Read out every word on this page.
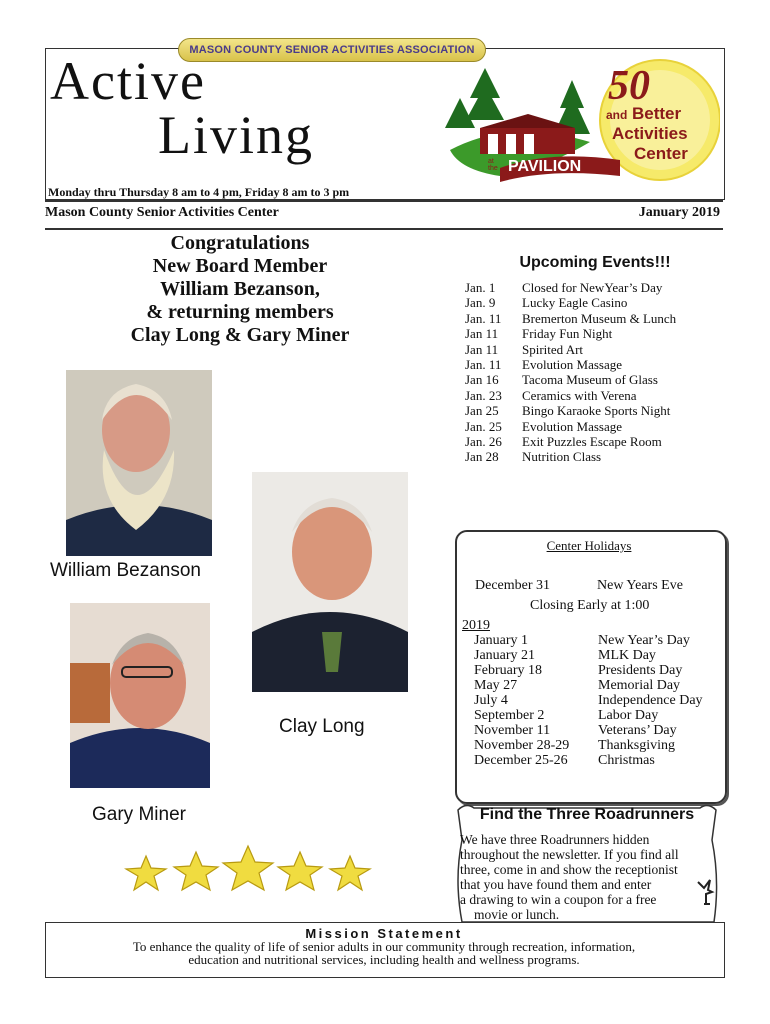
MASON COUNTY SENIOR ACTIVITIES ASSOCIATION
Active
Living
50
and Better
Activities
Center
at the PAVILION
Monday thru Thursday 8 am to 4 pm, Friday 8 am to 3 pm
Mason County Senior Activities Center	January 2019
Congratulations
New Board Member
William Bezanson,
& returning members
Clay Long & Gary Miner
William Bezanson
Clay Long
Gary Miner
Upcoming Events!!!
Jan. 1	Closed for NewYear’s Day
Jan. 9	Lucky Eagle Casino
Jan. 11	Bremerton Museum & Lunch
Jan 11	Friday Fun Night
Jan 11	Spirited Art
Jan. 11	Evolution Massage
Jan 16	Tacoma Museum of Glass
Jan. 23	Ceramics with Verena
Jan 25	Bingo Karaoke Sports Night
Jan. 25	Evolution Massage
Jan. 26	Exit Puzzles Escape Room
Jan 28	Nutrition Class
Center Holidays
December 31	New Years Eve
Closing Early at 1:00
2019
January 1	New Year’s Day
January 21	MLK Day
February 18	Presidents Day
May 27	Memorial Day
July 4	Independence Day
September 2	Labor Day
November 11	Veterans’ Day
November 28-29	Thanksgiving
December 25-26	Christmas
Find the Three Roadrunners
We have three Roadrunners hidden
throughout the newsletter. If you find all
three, come in and show the receptionist
that you have found them and enter
a drawing to win a coupon for a free
movie or lunch.
Mission Statement
To enhance the quality of life of senior adults in our community through recreation, information,
education and nutritional services, including health and wellness programs.
